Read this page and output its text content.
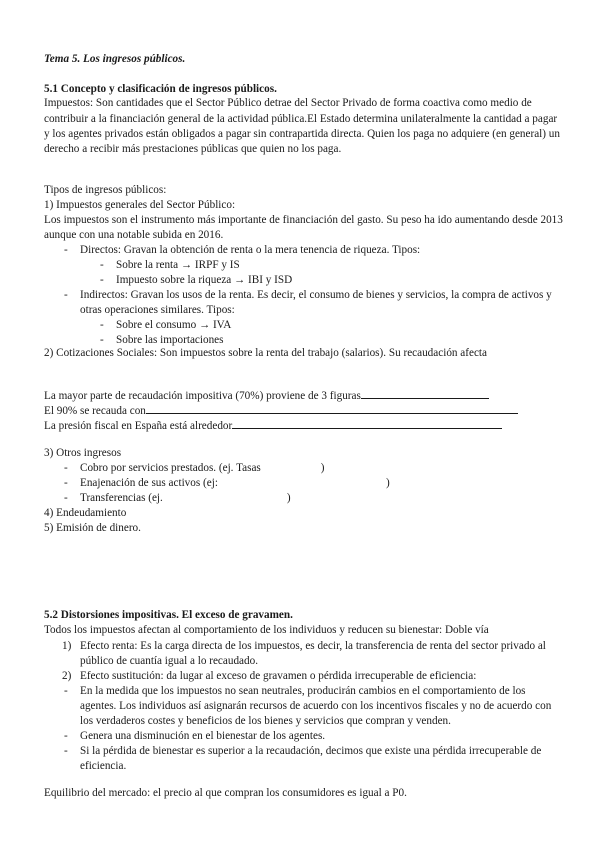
Tema 5. Los ingresos públicos.
5.1 Concepto y clasificación de ingresos públicos.
Impuestos: Son cantidades que el Sector Público detrae del Sector Privado de forma coactiva como medio de
contribuir a la financiación general de la actividad pública.El Estado determina unilateralmente la cantidad a pagar
y los agentes privados están obligados a pagar sin contrapartida directa. Quien los paga no adquiere (en general) un
derecho a recibir más prestaciones públicas que quien no los paga.
Tipos de ingresos públicos:
1) Impuestos generales del Sector Público:
Los impuestos son el instrumento más importante de financiación del gasto. Su peso ha ido aumentando desde 2013
aunque con una notable subida en 2016.
- Directos: Gravan la obtención de renta o la mera tenencia de riqueza. Tipos:
- Sobre la renta → IRPF y IS
- Impuesto sobre la riqueza → IBI y ISD
- Indirectos: Gravan los usos de la renta. Es decir, el consumo de bienes y servicios, la compra de activos y
otras operaciones similares. Tipos:
- Sobre el consumo → IVA
- Sobre las importaciones
2) Cotizaciones Sociales: Son impuestos sobre la renta del trabajo (salarios). Su recaudación afecta
La mayor parte de recaudación impositiva (70%) proviene de 3 figuras
El 90% se recauda con
La presión fiscal en España está alrededor
3) Otros ingresos
- Cobro por servicios prestados. (ej. Tasas	)
- Enajenación de sus activos (ej:	)
- Transferencias (ej.	)
4) Endeudamiento
5) Emisión de dinero.
5.2 Distorsiones impositivas. El exceso de gravamen.
Todos los impuestos afectan al comportamiento de los individuos y reducen su bienestar: Doble vía
1) Efecto renta: Es la carga directa de los impuestos, es decir, la transferencia de renta del sector privado al
público de cuantía igual a lo recaudado.
2) Efecto sustitución: da lugar al exceso de gravamen o pérdida irrecuperable de eficiencia:
- En la medida que los impuestos no sean neutrales, producirán cambios en el comportamiento de los
agentes. Los individuos así asignarán recursos de acuerdo con los incentivos fiscales y no de acuerdo con
los verdaderos costes y beneficios de los bienes y servicios que compran y venden.
- Genera una disminución en el bienestar de los agentes.
- Si la pérdida de bienestar es superior a la recaudación, decimos que existe una pérdida irrecuperable de
eficiencia.
Equilibrio del mercado: el precio al que compran los consumidores es igual a P0.
